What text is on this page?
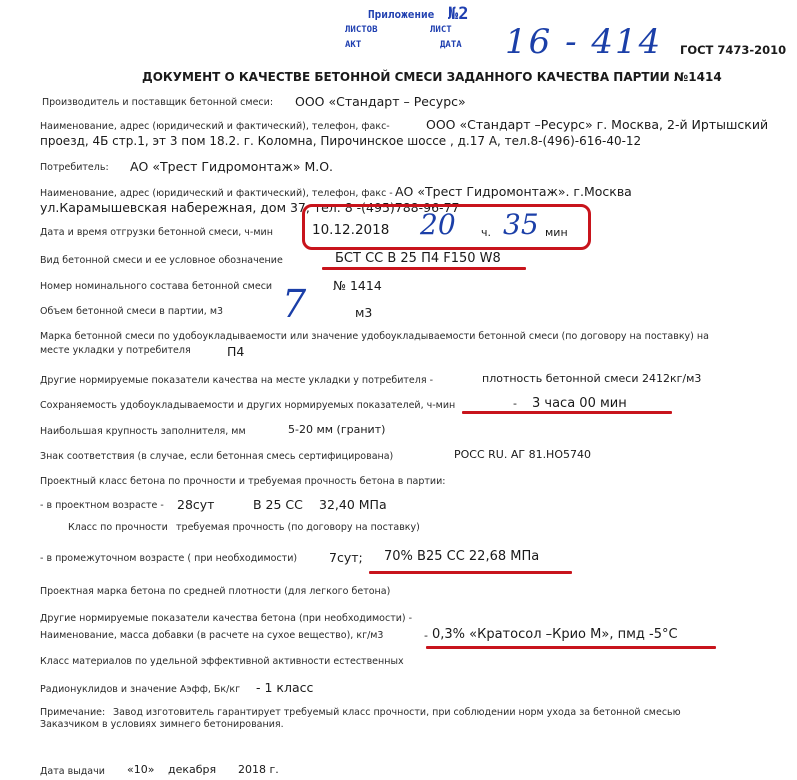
Приложение №2
ЛИСТОВ	ЛИСТ
АКТ	ДАТА 16 - 414 ГОСТ 7473-2010
ДОКУМЕНТ О КАЧЕСТВЕ БЕТОННОЙ СМЕСИ ЗАДАННОГО КАЧЕСТВА ПАРТИИ №1414
Производитель и поставщик бетонной смеси: ООО «Стандарт – Ресурс»
Наименование, адрес (юридический и фактический), телефон, факс-	ООО «Стандарт –Ресурс» г. Москва, 2-й Иртышский
проезд, 4Б стр.1, эт 3 пом 18.2. г. Коломна, Пирочинское шоссе , д.17 А, тел.8-(496)-616-40-12
Потребитель: АО «Трест Гидромонтаж» М.О.
Наименование, адрес (юридический и фактический), телефон, факс - АО «Трест Гидромонтаж». г.Москва
ул.Карамышевская набережная, дом 37, тел. 8 -(495)788-96-77
Дата и время отгрузки бетонной смеси, ч-мин	10.12.2018 20 ч. 35 мин
Вид бетонной смеси и ее условное обозначение	БСТ СС В 25 П4 F150 W8
Номер номинального состава бетонной смеси	№ 1414
Объем бетонной смеси в партии, м3 7	м3
Марка бетонной смеси по удобоукладываемости или значение удобоукладываемости бетонной смеси (по договору на поставку) на
месте укладки у потребителя	П4
Другие нормируемые показатели качества на месте укладки у потребителя -	плотность бетонной смеси 2412кг/м3
Сохраняемость удобоукладываемости и других нормируемых показателей, ч-мин	- 3 часа 00 мин
Наибольшая крупность заполнителя, мм	5-20 мм (гранит)
Знак соответствия (в случае, если бетонная смесь сертифицирована)	РОСС RU. АГ 81.НО5740
Проектный класс бетона по прочности и требуемая прочность бетона в партии:
- в проектном возрасте - 28сут	В 25 СС 32,40 МПа
Класс по прочности требуемая прочность (по договору на поставку)
- в промежуточном возрасте ( при необходимости)	7сут; 70% В25 СС 22,68 МПа
Проектная марка бетона по средней плотности (для легкого бетона)
Другие нормируемые показатели качества бетона (при необходимости) -
Наименование, масса добавки (в расчете на сухое вещество), кг/м3	- 0,3% «Кратосол –Крио М», пмд -5°С
Класс материалов по удельной эффективной активности естественных
Радионуклидов и значение Аэфф, Бк/кг - 1 класс
Примечание: Завод изготовитель гарантирует требуемый класс прочности, при соблюдении норм ухода за бетонной смесью
Заказчиком в условиях зимнего бетонирования.
Дата выдачи «10» декабря 2018 г.
